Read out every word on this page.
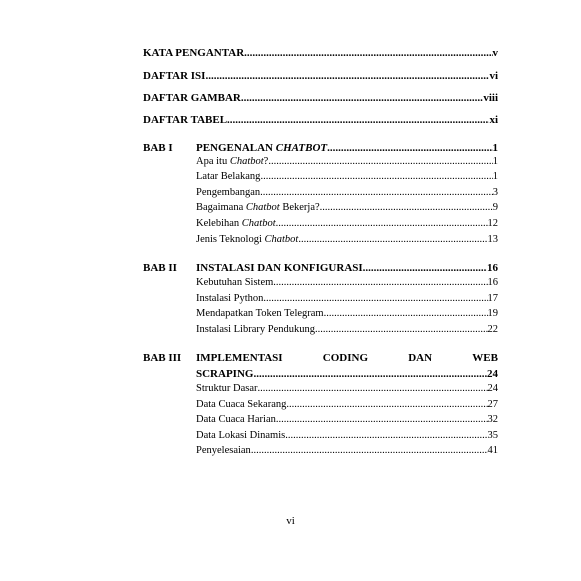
KATA PENGANTAR .....	v
DAFTAR ISI .....	vi
DAFTAR GAMBAR .....	viii
DAFTAR TABEL .....	xi
BAB I PENGENALAN CHATBOT .....	1
Apa itu Chatbot? .....	1
Latar Belakang .....	1
Pengembangan .....	3
Bagaimana Chatbot Bekerja? .....	9
Kelebihan Chatbot .....	12
Jenis Teknologi Chatbot .....	13
BAB II INSTALASI DAN KONFIGURASI .....	16
Kebutuhan Sistem .....	16
Instalasi Python .....	17
Mendapatkan Token Telegram .....	19
Instalasi Library Pendukung .....	22
BAB III IMPLEMENTASI	CODING	DAN	WEB
SCRAPING .....	24
Struktur Dasar .....	24
Data Cuaca Sekarang .....	27
Data Cuaca Harian .....	32
Data Lokasi Dinamis .....	35
Penyelesaian .....	41
vi
